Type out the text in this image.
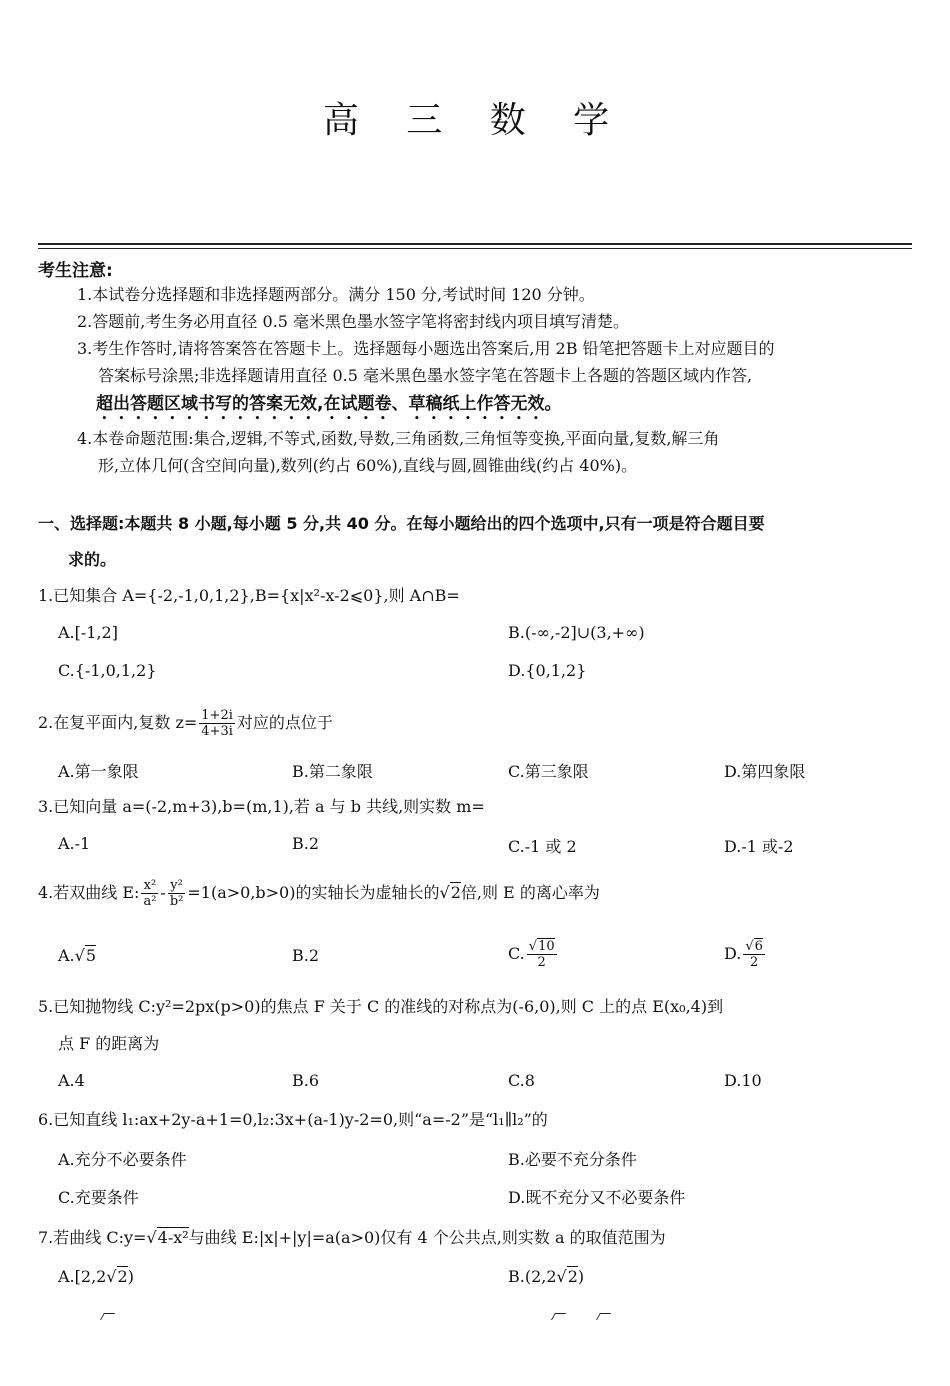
高 三 数 学
考生注意:
1.本试卷分选择题和非选择题两部分。满分 150 分,考试时间 120 分钟。
2.答题前,考生务必用直径 0.5 毫米黑色墨水签字笔将密封线内项目填写清楚。
3.考生作答时,请将答案答在答题卡上。选择题每小题选出答案后,用 2B 铅笔把答题卡上对应题目的
答案标号涂黑;非选择题请用直径 0.5 毫米黑色墨水签字笔在答题卡上各题的答题区域内作答,
超出答题区域书写的答案无效,在试题卷、草稿纸上作答无效。
4.本卷命题范围:集合,逻辑,不等式,函数,导数,三角函数,三角恒等变换,平面向量,复数,解三角
形,立体几何(含空间向量),数列(约占 60%),直线与圆,圆锥曲线(约占 40%)。
一、选择题:本题共 8 小题,每小题 5 分,共 40 分。在每小题给出的四个选项中,只有一项是符合题目要
求的。
1.已知集合 A={-2,-1,0,1,2},B={x|x²-x-2⩽0},则 A∩B=
A.[-1,2]	B.(-∞,-2]∪(3,+∞)
C.{-1,0,1,2}	D.{0,1,2}
2.在复平面内,复数 $z= \frac{1+2i}{4+3i}$ 对应的点位于
A.第一象限	B.第二象限	C.第三象限	D.第四象限
3.已知向量 a=(-2,m+3),b=(m,1),若 a 与 b 共线,则实数 m=
A.-1	B.2	C.-1 或 2	D.-1 或-2
4.若双曲线 E: $\frac{\text{x²}}{\text{a²}} - \frac{\text{y²}}{\text{b²}} =1(a>0,b>0)$的实轴长为虚轴长的 √ 2倍,则 E 的离心率为
A. √ 5	B.2	C. √ $\frac{10}{2}$	D. √ $\frac{6}{2}$
5.已知抛物线 C:y²=2px(p>0)的焦点 F 关于 C 的准线的对称点为(-6,0),则 C 上的点 E(x₀,4)到
点 F 的距离为
A.4	B.6	C.8	D.10
6.已知直线 l₁:ax+2y-a+1=0,l₂:3x+(a-1)y-2=0,则“a=-2”是“l₁∥l₂”的
A.充分不必要条件	B.必要不充分条件
C.充要条件	D.既不充分又不必要条件
7.若曲线 C:y= √ 4-x²与曲线 E:|x|+|y|=a(a>0)仅有 4 个公共点,则实数 a 的取值范围为
A.[2,2 √ 2)	B.(2,2 √ 2)
